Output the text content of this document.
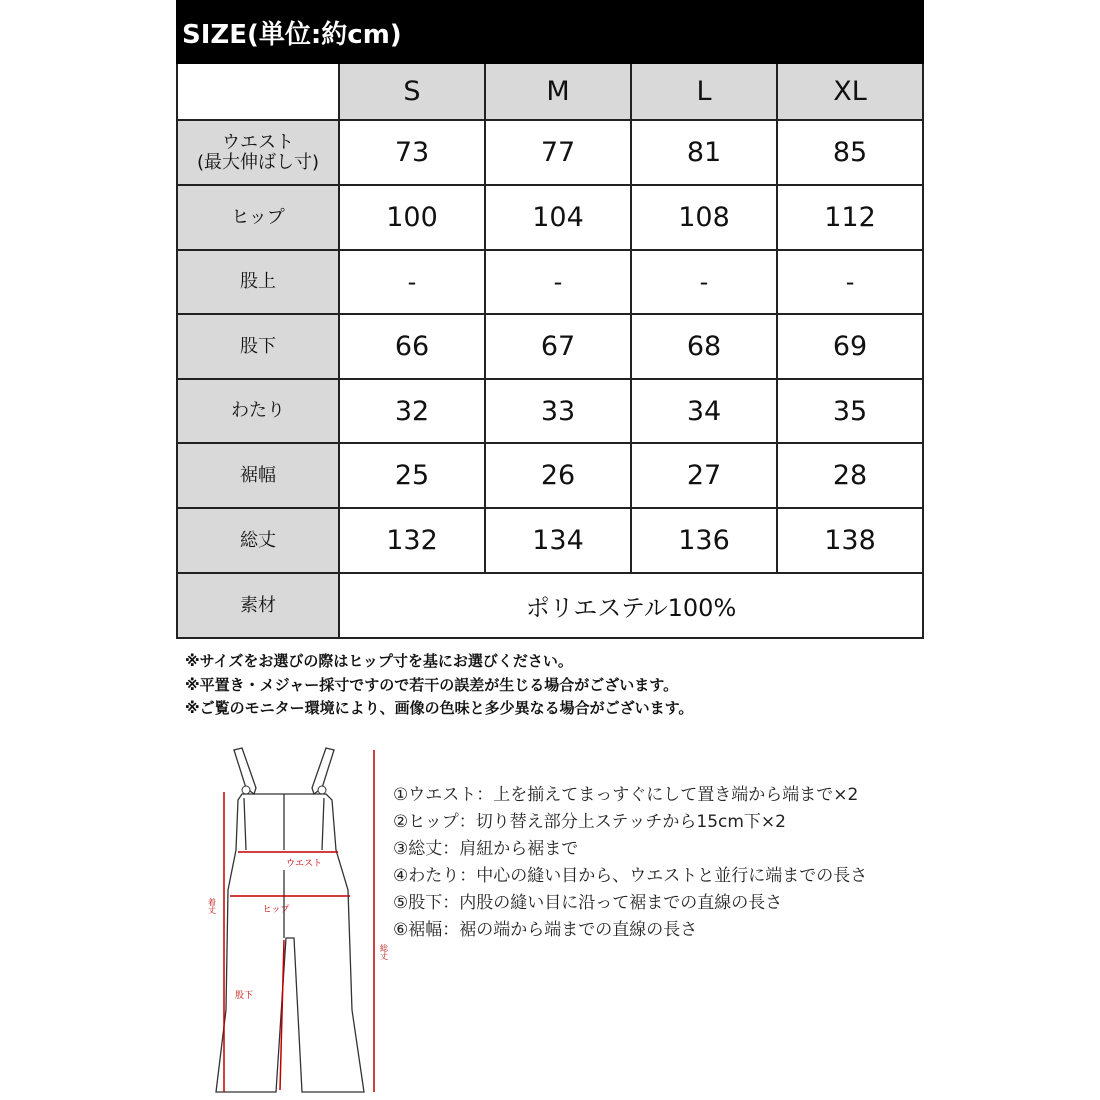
SIZE(単位:約cm)				
	S	M	L	XL
ウエスト
(最大伸ばし寸)	73	77	81	85
ヒップ	100	104	108	112
股上	-	-	-	-
股下	66	67	68	69
わたり	32	33	34	35
裾幅	25	26	27	28
総丈	132	134	136	138
素材	ポリエステル100%			
※サイズをお選びの際はヒップ寸を基にお選びください。
※平置き・メジャー採寸ですので若干の誤差が生じる場合がございます。
※ご覧のモニター環境により、画像の色味と多少異なる場合がございます。
ウエスト
ヒップ
股下
着丈
総丈
①ウエスト：上を揃えてまっすぐにして置き端から端まで×2
②ヒップ：切り替え部分上ステッチから15cm下×2
③総丈：肩紐から裾まで
④わたり：中心の縫い目から、ウエストと並行に端までの長さ
⑤股下：内股の縫い目に沿って裾までの直線の長さ
⑥裾幅：裾の端から端までの直線の長さ
